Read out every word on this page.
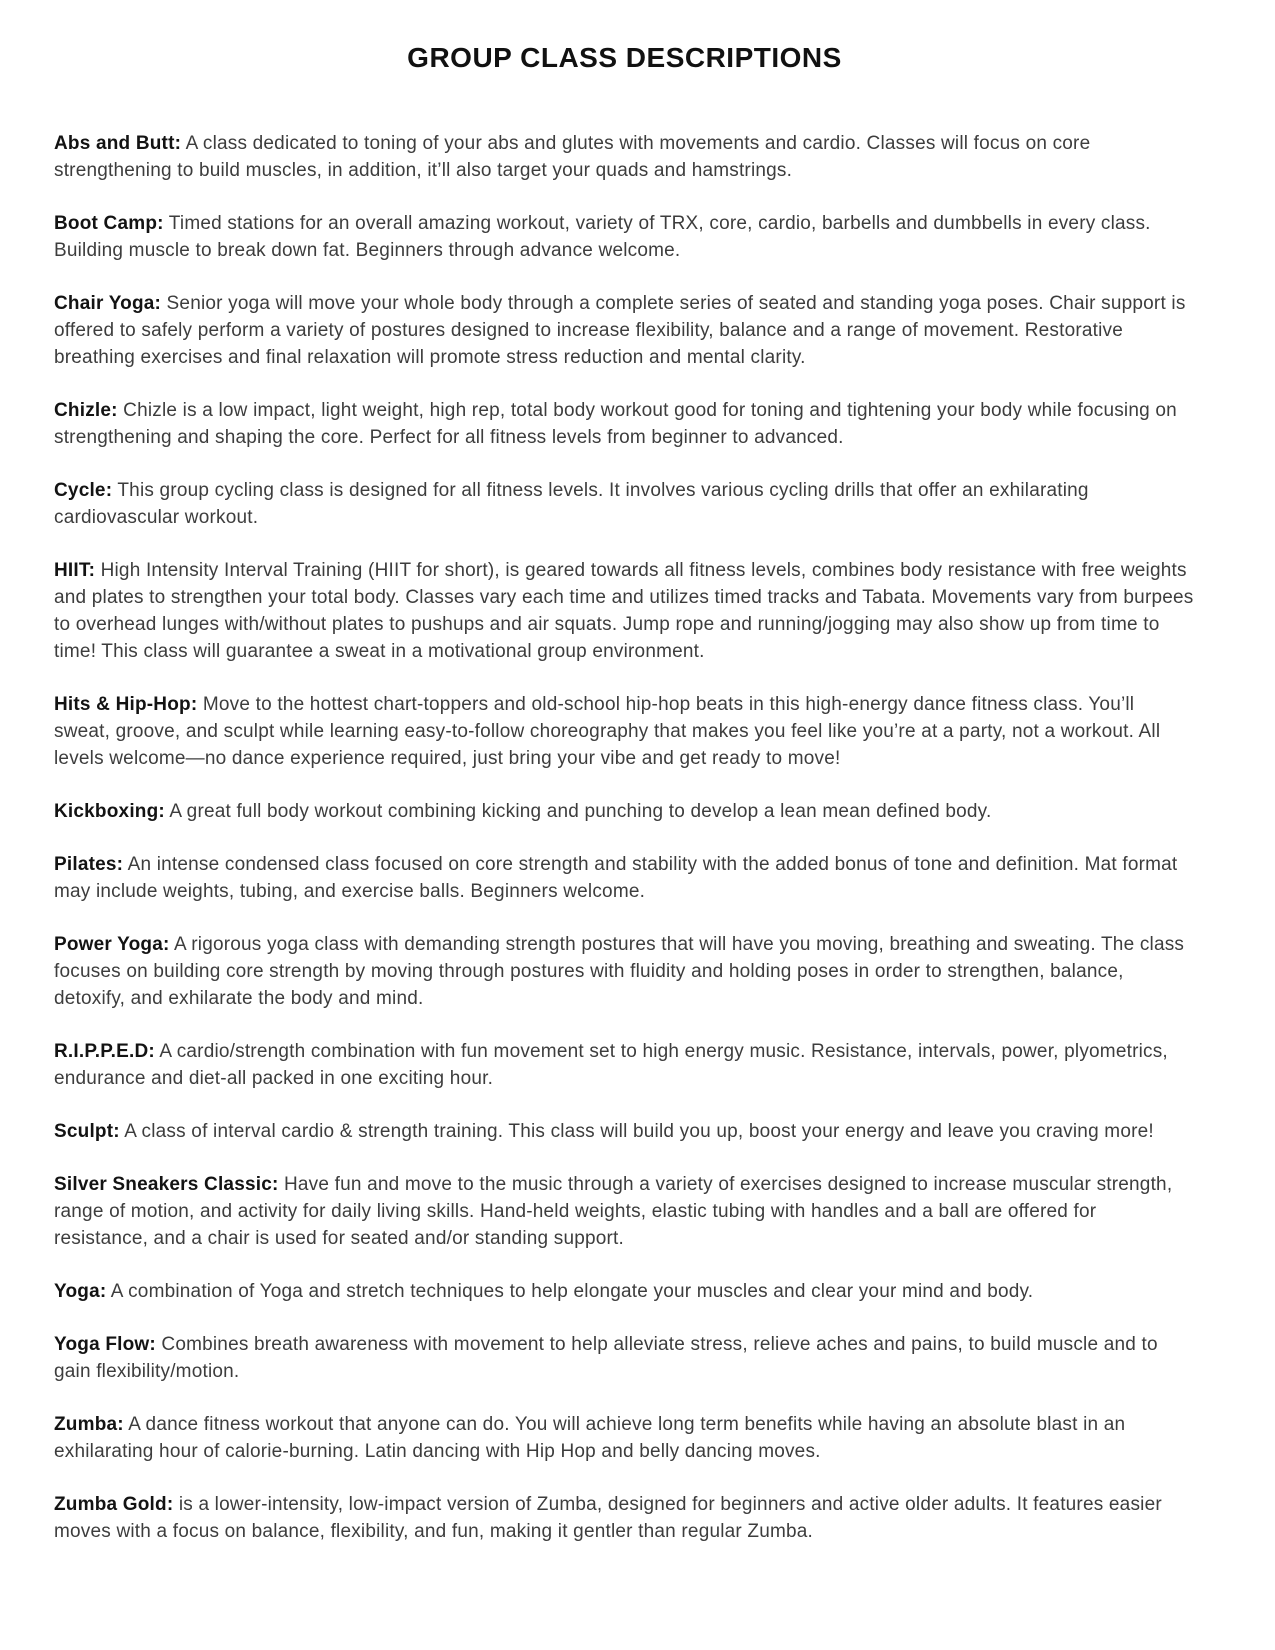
GROUP CLASS DESCRIPTIONS

Abs and Butt: A class dedicated to toning of your abs and glutes with movements and cardio. Classes will focus on core strengthening to build muscles, in addition, it’ll also target your quads and hamstrings.

Boot Camp: Timed stations for an overall amazing workout, variety of TRX, core, cardio, barbells and dumbbells in every class. Building muscle to break down fat. Beginners through advance welcome.

Chair Yoga: Senior yoga will move your whole body through a complete series of seated and standing yoga poses. Chair support is offered to safely perform a variety of postures designed to increase flexibility, balance and a range of movement. Restorative breathing exercises and final relaxation will promote stress reduction and mental clarity.

Chizle: Chizle is a low impact, light weight, high rep, total body workout good for toning and tightening your body while focusing on strengthening and shaping the core. Perfect for all fitness levels from beginner to advanced.

Cycle: This group cycling class is designed for all fitness levels. It involves various cycling drills that offer an exhilarating cardiovascular workout.

HIIT: High Intensity Interval Training (HIIT for short), is geared towards all fitness levels, combines body resistance with free weights and plates to strengthen your total body. Classes vary each time and utilizes timed tracks and Tabata. Movements vary from burpees to overhead lunges with/without plates to pushups and air squats. Jump rope and running/jogging may also show up from time to time! This class will guarantee a sweat in a motivational group environment.

Hits & Hip-Hop: Move to the hottest chart-toppers and old-school hip-hop beats in this high-energy dance fitness class. You’ll sweat, groove, and sculpt while learning easy-to-follow choreography that makes you feel like you’re at a party, not a workout. All levels welcome—no dance experience required, just bring your vibe and get ready to move!

Kickboxing: A great full body workout combining kicking and punching to develop a lean mean defined body.

Pilates: An intense condensed class focused on core strength and stability with the added bonus of tone and definition. Mat format may include weights, tubing, and exercise balls. Beginners welcome.

Power Yoga: A rigorous yoga class with demanding strength postures that will have you moving, breathing and sweating. The class focuses on building core strength by moving through postures with fluidity and holding poses in order to strengthen, balance, detoxify, and exhilarate the body and mind.

R.I.P.P.E.D: A cardio/strength combination with fun movement set to high energy music. Resistance, intervals, power, plyometrics, endurance and diet-all packed in one exciting hour.

Sculpt: A class of interval cardio & strength training. This class will build you up, boost your energy and leave you craving more!

Silver Sneakers Classic: Have fun and move to the music through a variety of exercises designed to increase muscular strength, range of motion, and activity for daily living skills. Hand-held weights, elastic tubing with handles and a ball are offered for resistance, and a chair is used for seated and/or standing support.

Yoga: A combination of Yoga and stretch techniques to help elongate your muscles and clear your mind and body.

Yoga Flow: Combines breath awareness with movement to help alleviate stress, relieve aches and pains, to build muscle and to gain flexibility/motion.

Zumba: A dance fitness workout that anyone can do. You will achieve long term benefits while having an absolute blast in an exhilarating hour of calorie-burning. Latin dancing with Hip Hop and belly dancing moves.

Zumba Gold: is a lower-intensity, low-impact version of Zumba, designed for beginners and active older adults. It features easier moves with a focus on balance, flexibility, and fun, making it gentler than regular Zumba.
